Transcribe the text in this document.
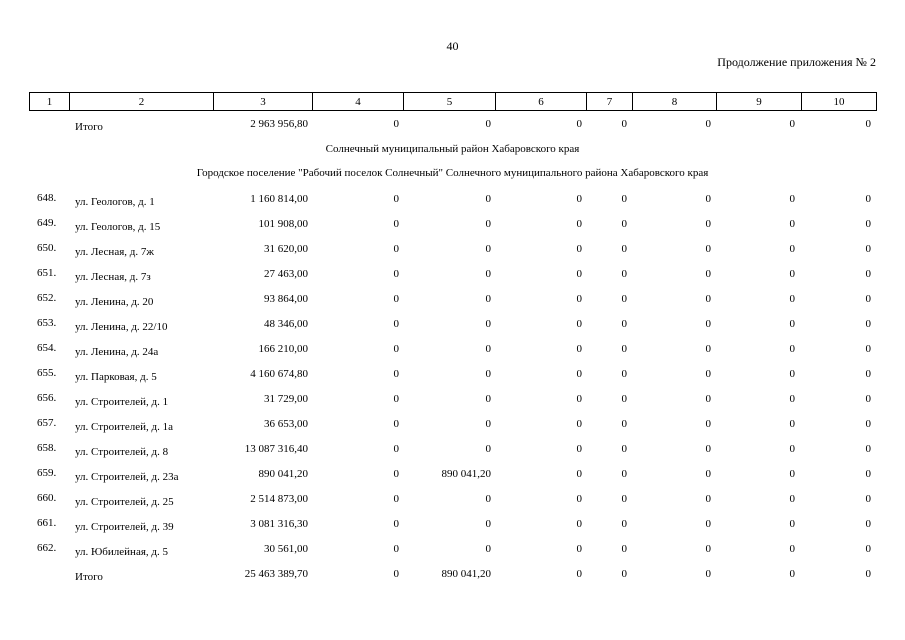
40
Продолжение приложения № 2
1	2	3	4	5	6	7	8	9	10
Итого	2 963 956,80	0	0	0	0	0	0	0
Солнечный муниципальный район Хабаровского края
Городское поселение "Рабочий поселок Солнечный" Солнечного муниципального района Хабаровского края
648. ул. Геологов, д. 1	1 160 814,00	0	0	0	0	0	0	0
649. ул. Геологов, д. 15	101 908,00	0	0	0	0	0	0	0
650. ул. Лесная, д. 7ж	31 620,00	0	0	0	0	0	0	0
651. ул. Лесная, д. 7з	27 463,00	0	0	0	0	0	0	0
652. ул. Ленина, д. 20	93 864,00	0	0	0	0	0	0	0
653. ул. Ленина, д. 22/10	48 346,00	0	0	0	0	0	0	0
654. ул. Ленина, д. 24а	166 210,00	0	0	0	0	0	0	0
655. ул. Парковая, д. 5	4 160 674,80	0	0	0	0	0	0	0
656. ул. Строителей, д. 1	31 729,00	0	0	0	0	0	0	0
657. ул. Строителей, д. 1а	36 653,00	0	0	0	0	0	0	0
658. ул. Строителей, д. 8	13 087 316,40	0	0	0	0	0	0	0
659. ул. Строителей, д. 23а	890 041,20	0	890 041,20	0	0	0	0	0
660. ул. Строителей, д. 25	2 514 873,00	0	0	0	0	0	0	0
661. ул. Строителей, д. 39	3 081 316,30	0	0	0	0	0	0	0
662. ул. Юбилейная, д. 5	30 561,00	0	0	0	0	0	0	0
Итого	25 463 389,70	0	890 041,20	0	0	0	0	0
